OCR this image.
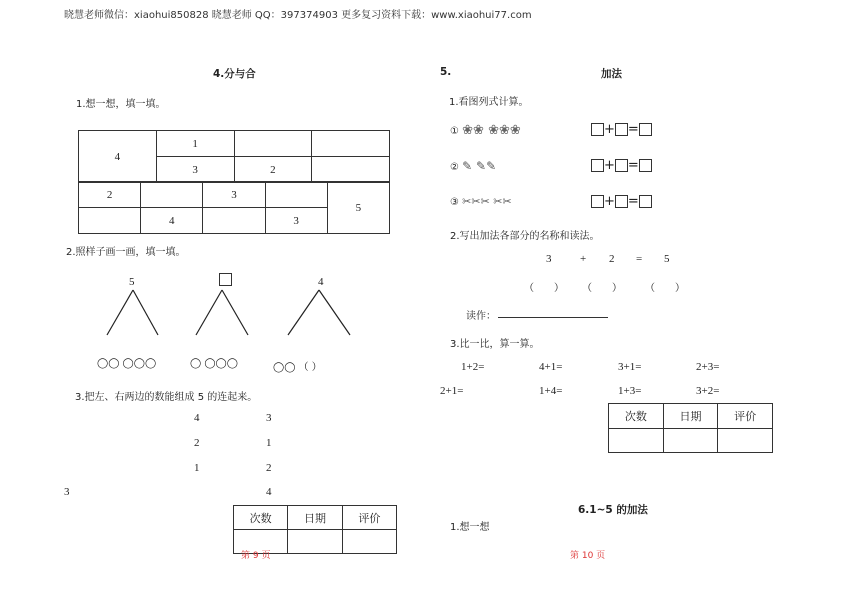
晓慧老师微信：xiaohui850828 晓慧老师 QQ：397374903 更多复习资料下载：www.xiaohui77.com
4.分与合
1.想一想，填一填。
4	1		
	3	2	
2		3		5
	4		3	
2.照样子画一画，填一填。
5	4
◯◯ ◯◯◯	◯ ◯◯◯	◯◯ （ ）
3.把左、右两边的数能组成 5 的连起来。
4
2
1
3
1
2
4
3
次数	日期	评价

第 9 页
5.	加法
1.看图列式计算。
① ❀❀ ❀❀❀
② ✎ ✎✎
③ ✂✂✂ ✂✂
+ =
+ =
+ =
2.写出加法各部分的名称和读法。
3	+ 2 = 5
（　　） （　　） （　　）
读作：
3.比一比，算一算。
1+2=	4+1=	3+1=	2+3=
2+1=	1+4=	1+3=	3+2=
次数	日期	评价

6.1~5 的加法
1.想一想
第 10 页
